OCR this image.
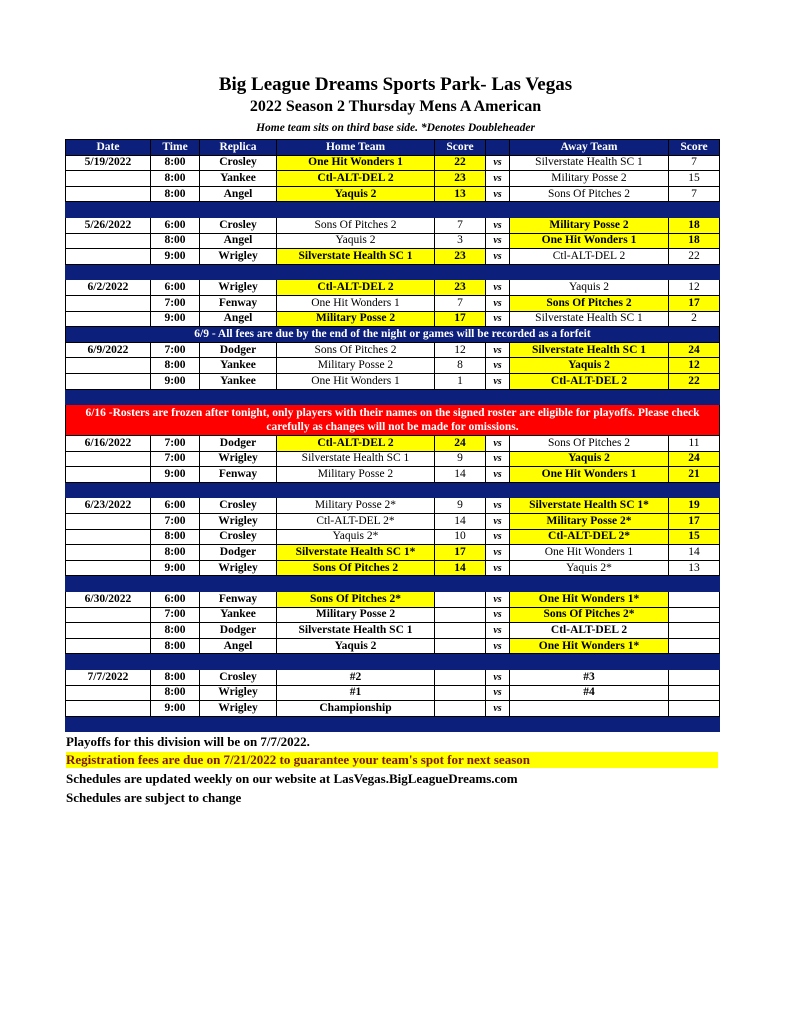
Big League Dreams Sports Park- Las Vegas
2022 Season 2 Thursday Mens A American
Home team sits on third base side. *Denotes Doubleheader
Date	Time	Replica	Home Team	Score		Away Team	Score
5/19/2022	8:00	Crosley	One Hit Wonders 1	22	vs	Silverstate Health SC 1	7
	8:00	Yankee	Ctl-ALT-DEL 2	23	vs	Military Posse 2	15
	8:00	Angel	Yaquis 2	13	vs	Sons Of Pitches 2	7

5/26/2022	6:00	Crosley	Sons Of Pitches 2	7	vs	Military Posse 2	18
	8:00	Angel	Yaquis 2	3	vs	One Hit Wonders 1	18
	9:00	Wrigley	Silverstate Health SC 1	23	vs	Ctl-ALT-DEL 2	22

6/2/2022	6:00	Wrigley	Ctl-ALT-DEL 2	23	vs	Yaquis 2	12
	7:00	Fenway	One Hit Wonders 1	7	vs	Sons Of Pitches 2	17
	9:00	Angel	Military Posse 2	17	vs	Silverstate Health SC 1	2
6/9 - All fees are due by the end of the night or games will be recorded as a forfeit							
6/9/2022	7:00	Dodger	Sons Of Pitches 2	12	vs	Silverstate Health SC 1	24
	8:00	Yankee	Military Posse 2	8	vs	Yaquis 2	12
	9:00	Yankee	One Hit Wonders 1	1	vs	Ctl-ALT-DEL 2	22

6/16 -Rosters are frozen after tonight, only players with their names on the signed roster are eligible for playoffs. Please check carefully as changes will not be made for omissions.							
6/16/2022	7:00	Dodger	Ctl-ALT-DEL 2	24	vs	Sons Of Pitches 2	11
	7:00	Wrigley	Silverstate Health SC 1	9	vs	Yaquis 2	24
	9:00	Fenway	Military Posse 2	14	vs	One Hit Wonders 1	21

6/23/2022	6:00	Crosley	Military Posse 2*	9	vs	Silverstate Health SC 1*	19
	7:00	Wrigley	Ctl-ALT-DEL 2*	14	vs	Military Posse 2*	17
	8:00	Crosley	Yaquis 2*	10	vs	Ctl-ALT-DEL 2*	15
	8:00	Dodger	Silverstate Health SC 1*	17	vs	One Hit Wonders 1	14
	9:00	Wrigley	Sons Of Pitches 2	14	vs	Yaquis 2*	13

6/30/2022	6:00	Fenway	Sons Of Pitches 2*		vs	One Hit Wonders 1*	
	7:00	Yankee	Military Posse 2		vs	Sons Of Pitches 2*	
	8:00	Dodger	Silverstate Health SC 1		vs	Ctl-ALT-DEL 2	
	8:00	Angel	Yaquis 2		vs	One Hit Wonders 1*	

7/7/2022	8:00	Crosley	#2		vs	#3	
	8:00	Wrigley	#1		vs	#4	
	9:00	Wrigley	Championship		vs		

Playoffs for this division will be on 7/7/2022.
Registration fees are due on 7/21/2022 to guarantee your team's spot for next season
Schedules are updated weekly on our website at LasVegas.BigLeagueDreams.com
Schedules are subject to change
